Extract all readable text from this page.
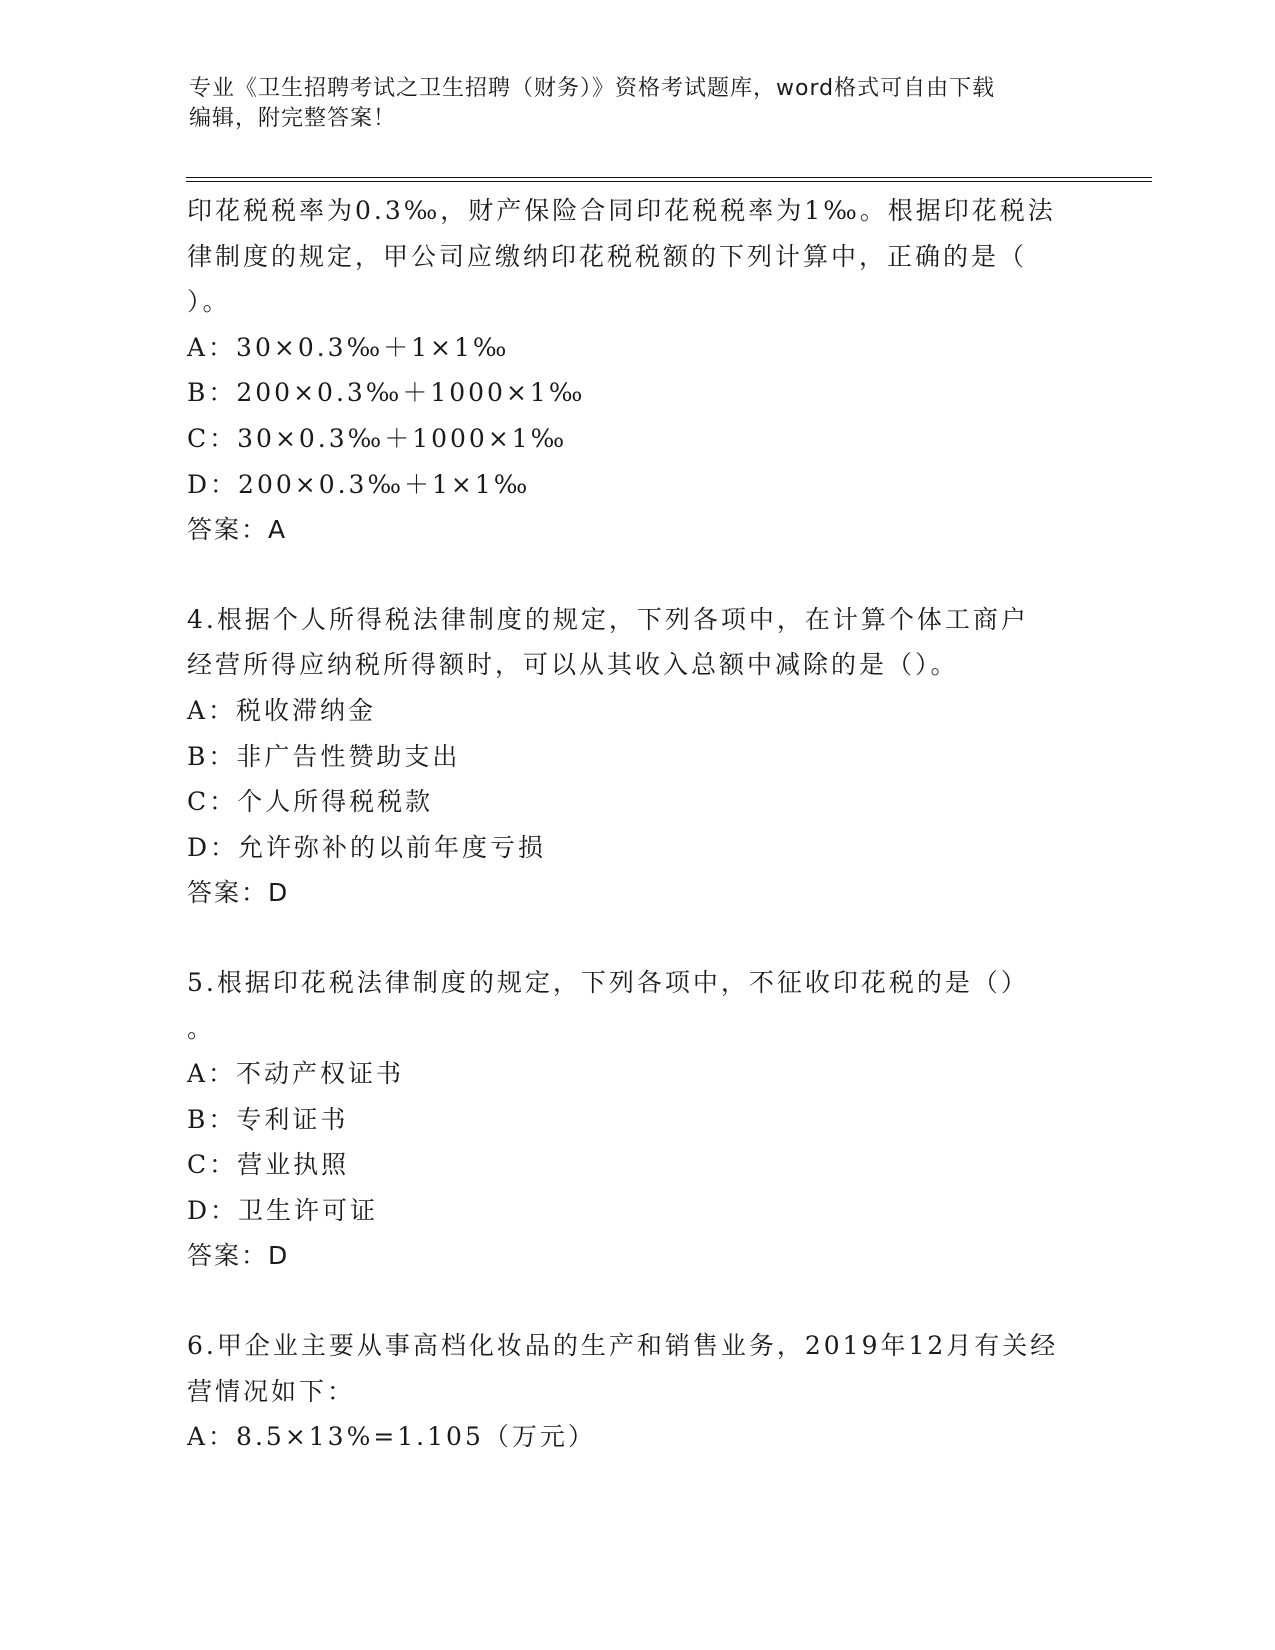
专业《卫生招聘考试之卫生招聘（财务）》资格考试题库，word格式可自由下载
编辑，附完整答案！
印花税税率为0.3‰，财产保险合同印花税税率为1‰。根据印花税法
律制度的规定，甲公司应缴纳印花税税额的下列计算中，正确的是（
）。
A：30×0.3‰＋1×1‰
B：200×0.3‰＋1000×1‰
C：30×0.3‰＋1000×1‰
D：200×0.3‰＋1×1‰
答案：A
4.根据个人所得税法律制度的规定，下列各项中，在计算个体工商户
经营所得应纳税所得额时，可以从其收入总额中减除的是（）。
A：税收滞纳金
B：非广告性赞助支出
C：个人所得税税款
D：允许弥补的以前年度亏损
答案：D
5.根据印花税法律制度的规定，下列各项中，不征收印花税的是（）
。
A：不动产权证书
B：专利证书
C：营业执照
D：卫生许可证
答案：D
6.甲企业主要从事高档化妆品的生产和销售业务，2019年12月有关经
营情况如下：
A：8.5×13%=1.105（万元）
